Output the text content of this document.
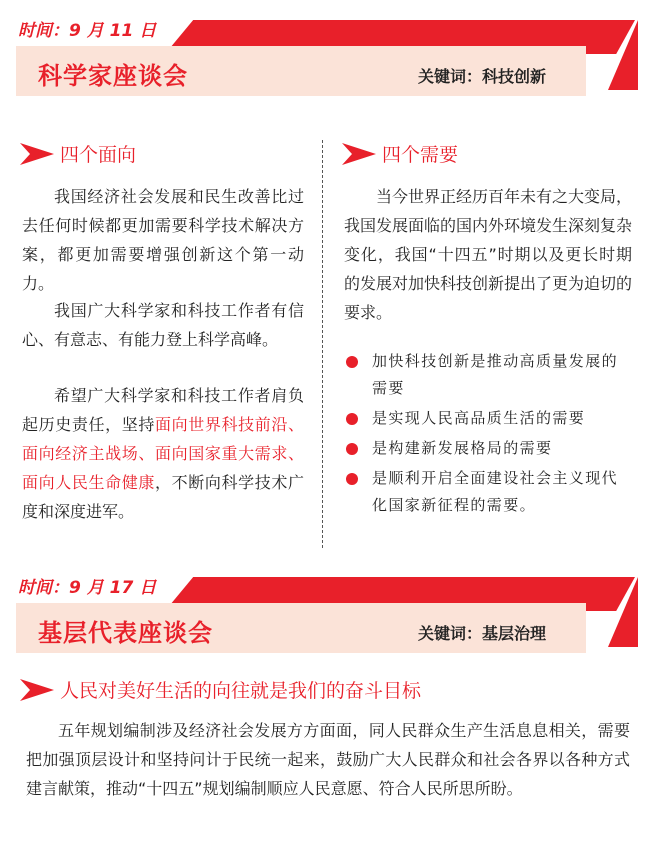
时间：9 月 11 日
科学家座谈会	关键词：科技创新
四个面向
我国经济社会发展和民生改善比过去任何时候都更加需要科学技术解决方案，都更加需要增强创新这个第一动力。
我国广大科学家和科技工作者有信心、有意志、有能力登上科学高峰。
希望广大科学家和科技工作者肩负起历史责任，坚持面向世界科技前沿、面向经济主战场、面向国家重大需求、面向人民生命健康，不断向科学技术广度和深度进军。
四个需要
当今世界正经历百年未有之大变局，我国发展面临的国内外环境发生深刻复杂变化，我国“十四五”时期以及更长时期的发展对加快科技创新提出了更为迫切的要求。
加快科技创新是推动高质量发展的需要
是实现人民高品质生活的需要
是构建新发展格局的需要
是顺利开启全面建设社会主义现代化国家新征程的需要。
时间：9 月 17 日
基层代表座谈会	关键词：基层治理
人民对美好生活的向往就是我们的奋斗目标
五年规划编制涉及经济社会发展方方面面，同人民群众生产生活息息相关，需要把加强顶层设计和坚持问计于民统一起来，鼓励广大人民群众和社会各界以各种方式建言献策，推动“十四五”规划编制顺应人民意愿、符合人民所思所盼。
